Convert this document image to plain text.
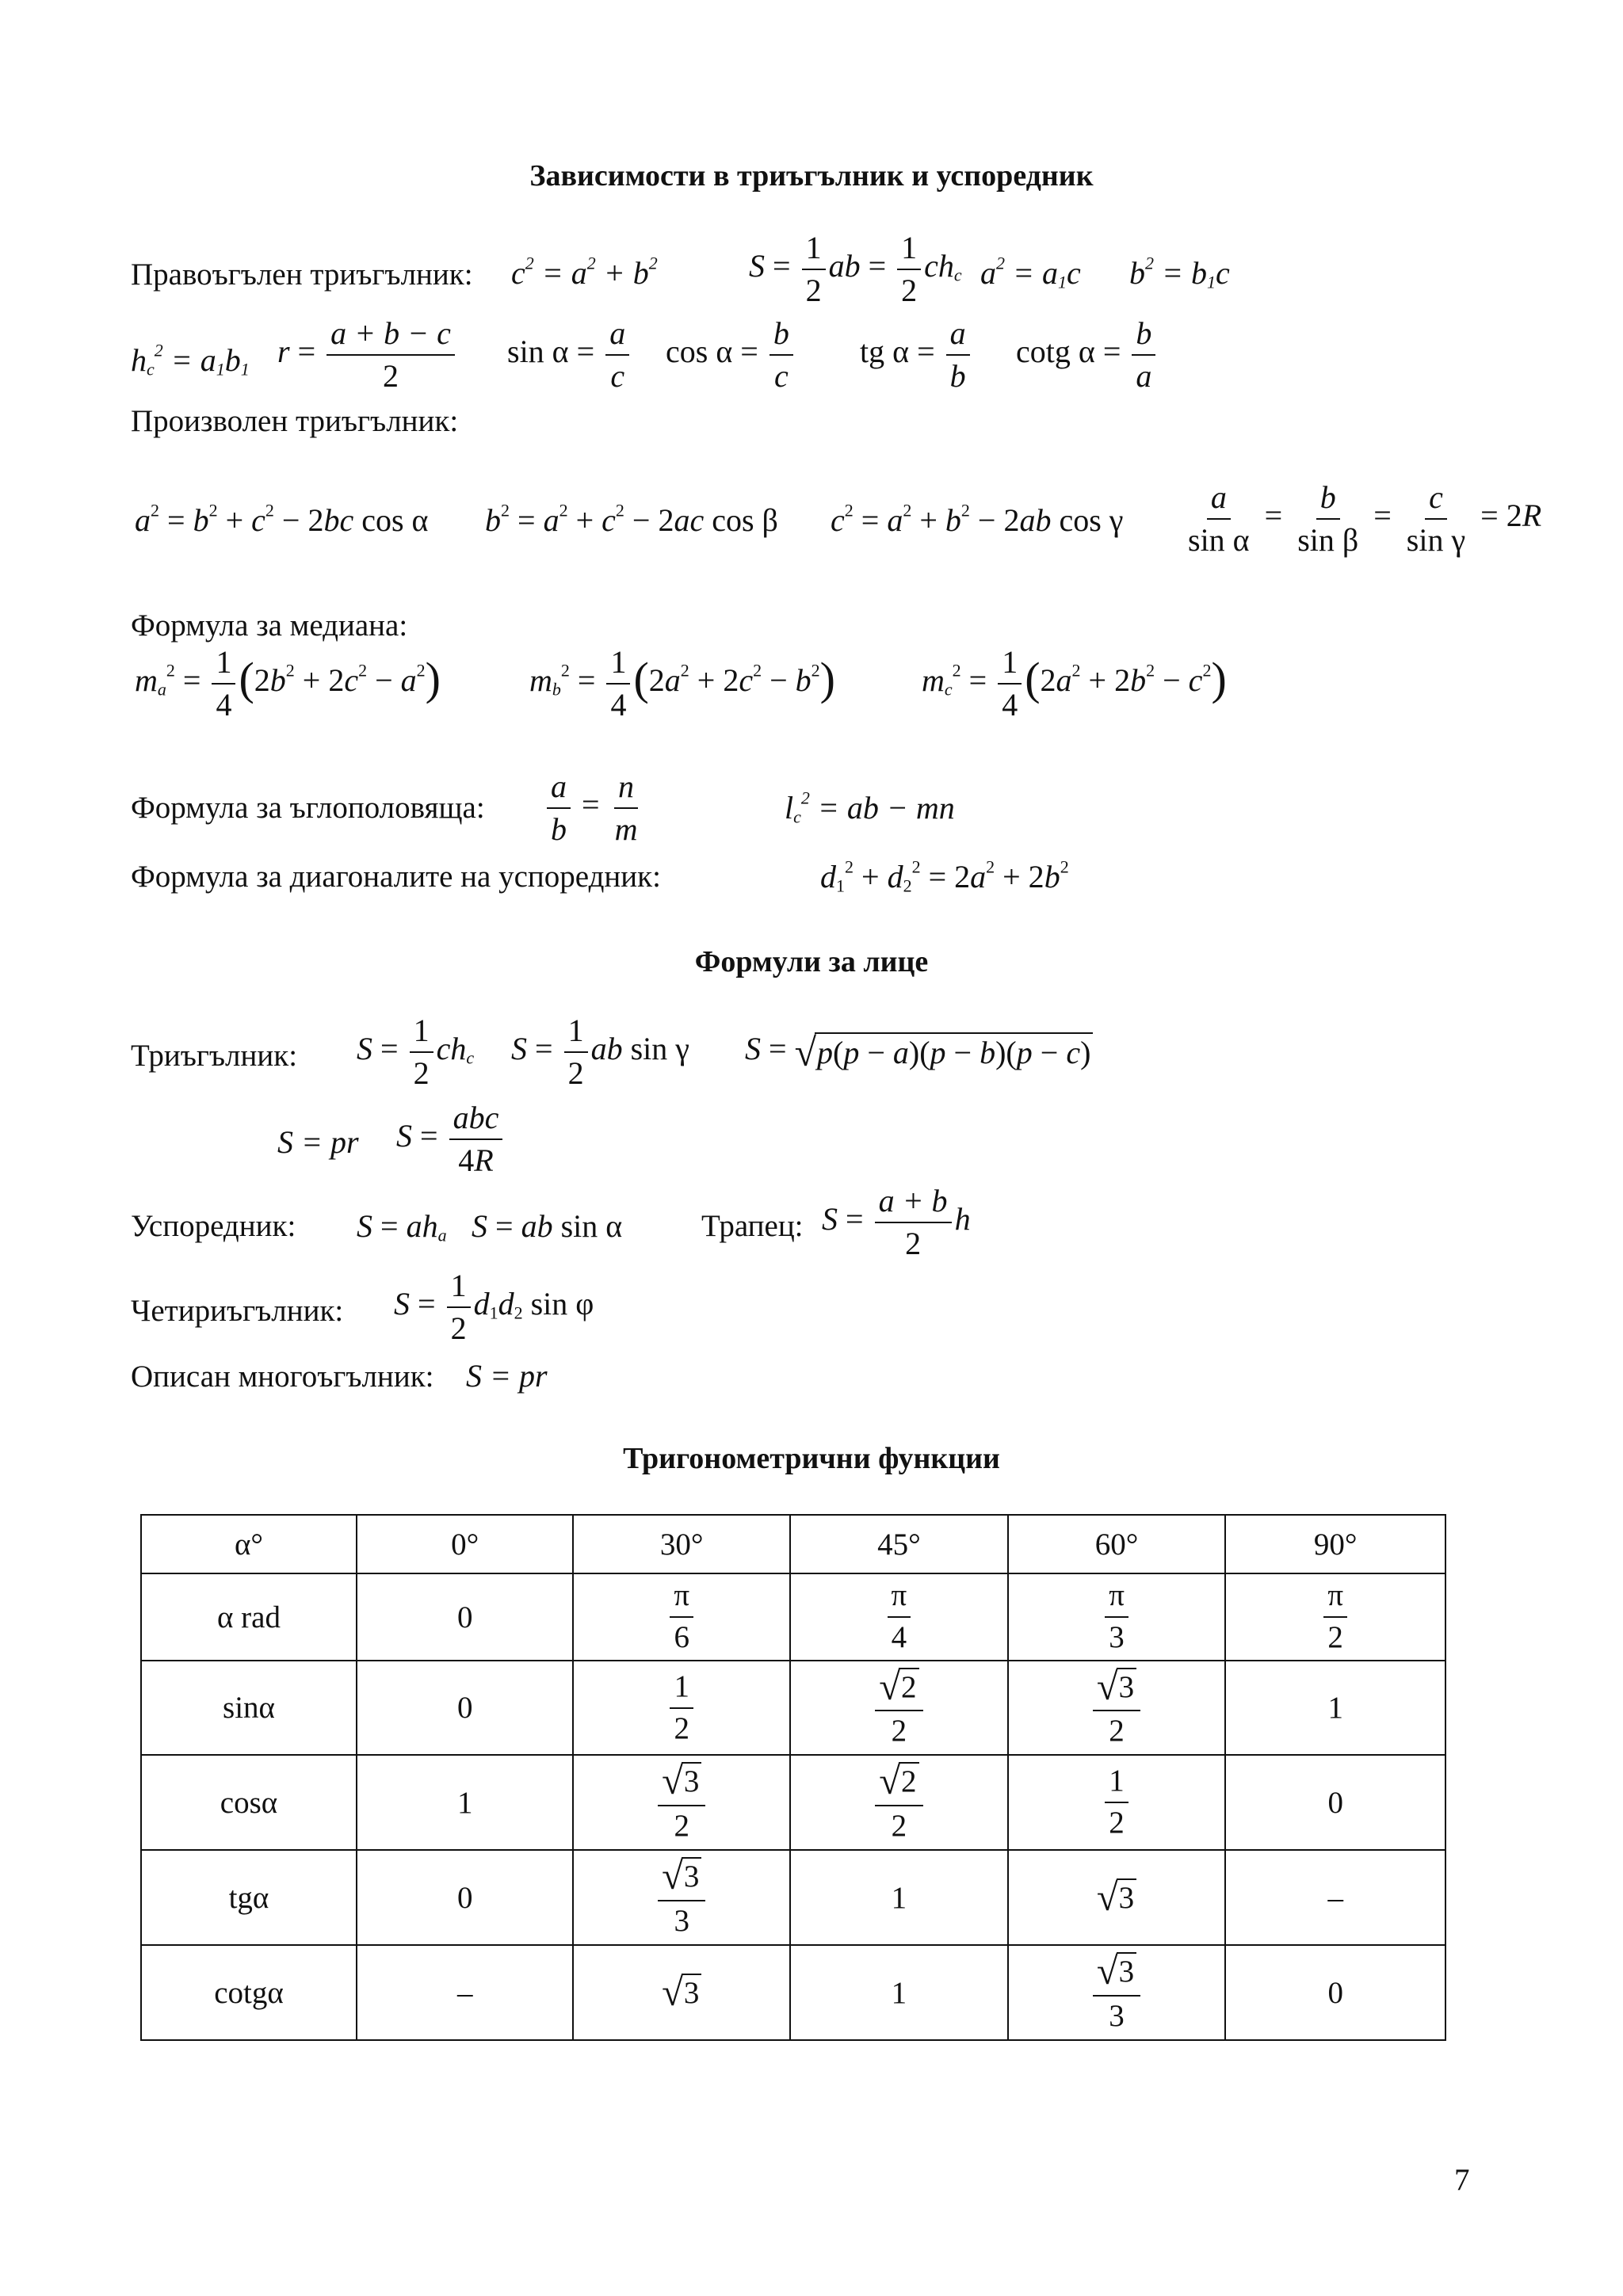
Зависимости в триъгълник и успоредник
Правоъгълен триъгълник: $c^2 = a^2 + b^2$	$S = \frac{1}{2}$ ab = $\frac{1}{2} ch_c$ $a^2 = a_1c$ $b^2 = b_1c$
$h_c^2 = a_1b_1$ $r = \frac{a + b - c}{2}$ $\sin \alpha = \frac{a}{c}$ $\cos \alpha = \frac{b}{c}$ tg $\alpha = \frac{a}{b}$ cotg $\alpha = \frac{b}{a}$
Произволен триъгълник:
$a^2 = b^2 + c^2 - 2bc$ cos α $b^2 = a^2 + c^2 - 2ac$ cos β $c^2 = a^2 + b^2 - 2ab$ cos γ $\frac{a}{\text{sin α}} = \frac{b}{\text{sin β}} = \frac{c}{\text{sin γ}} = 2R$
Формула за медиана:
$m_a^2 = \frac{1}{4} (2b^2 + 2c^2 - a^2)$	$m_b^2 = \frac{1}{4} (2a^2 + 2c^2 - b^2)$	$m_c^2 = \frac{1}{4} (2a^2 + 2b^2 - c^2)$
Формула за ъглополовяща: $\frac{a}{b} = \frac{n}{m}$	$l_c^2$ = ab − mn
Формула за диагоналите на успоредник:	$d_1^2 + d_2^2 = 2a^2 + 2b^2$
Формули за лице
Триъгълник: $S = \frac{1}{2} ch_c$ $S = \frac{1}{2}$ ab sin γ S = √ p(p − a)(p − b)(p − c)
S = pr $S = \frac{\text{abc}}{4R}$
Успоредник: $S = ah_a$ S = ab sin α	Трапец: $S = \frac{a + b}{2}$ h
Четириъгълник: $S = \frac{1}{2} d_1d_2$ sin φ
Описан многоъгълник: S = pr
Тригонометрични функции
α°	0°	30°	45°	60°	90°
α rad	0	$\frac{\pi}{6}$	$\frac{\pi}{4}$	$\frac{\pi}{3}$	$\frac{\pi}{2}$

sinα	0	$\frac{1}{2}$	$\frac{√ 2}{2}$	$\frac{√ 3}{2}$	1
cosα	1	$\frac{√ 3}{2}$	$\frac{√ 2}{2}$	$\frac{1}{2}$	0
tgα	0	$\frac{√ 3}{3}$	1	√ 3	–
cotgα	–	√ 3	1	$\frac{√ 3}{3}$	0
7
